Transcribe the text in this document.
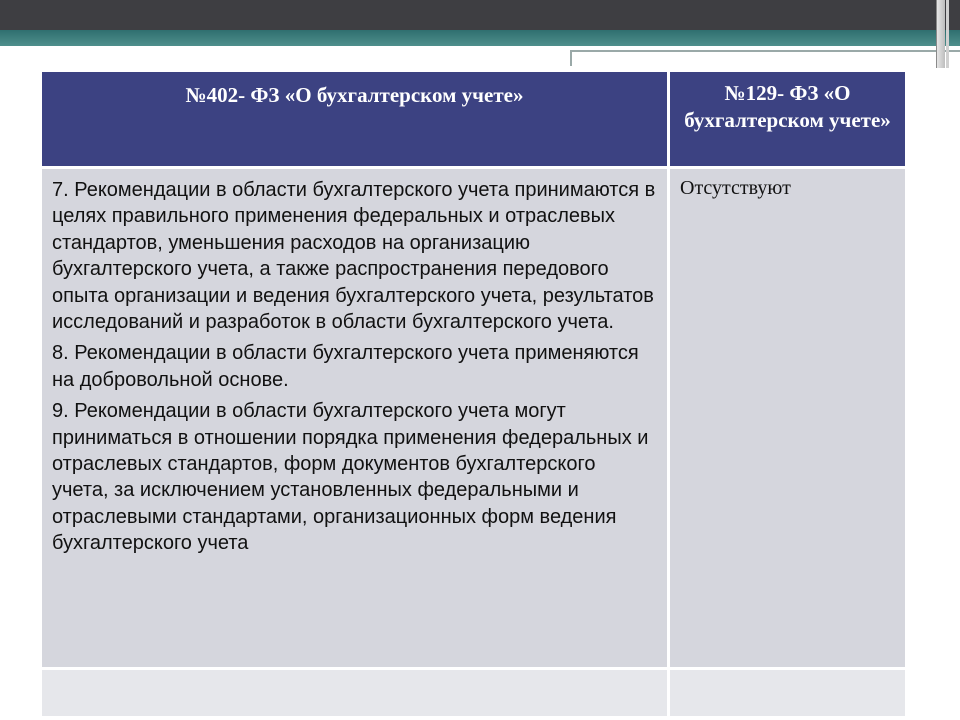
№402- ФЗ «О бухгалтерском учете»	№129- ФЗ «О бухгалтерском учете»

7. Рекомендации в области бухгалтерского учета принимаются в целях правильного применения федеральных и отраслевых стандартов, уменьшения расходов на организацию бухгалтерского учета, а также распространения передового опыта организации и ведения бухгалтерского учета, результатов исследований и разработок в области бухгалтерского учета.

8. Рекомендации в области бухгалтерского учета применяются на добровольной основе.

9. Рекомендации в области бухгалтерского учета могут приниматься в отношении порядка применения федеральных и отраслевых стандартов, форм документов бухгалтерского учета, за исключением установленных федеральными и отраслевыми стандартами, организационных форм ведения бухгалтерского учета

Отсутствуют
